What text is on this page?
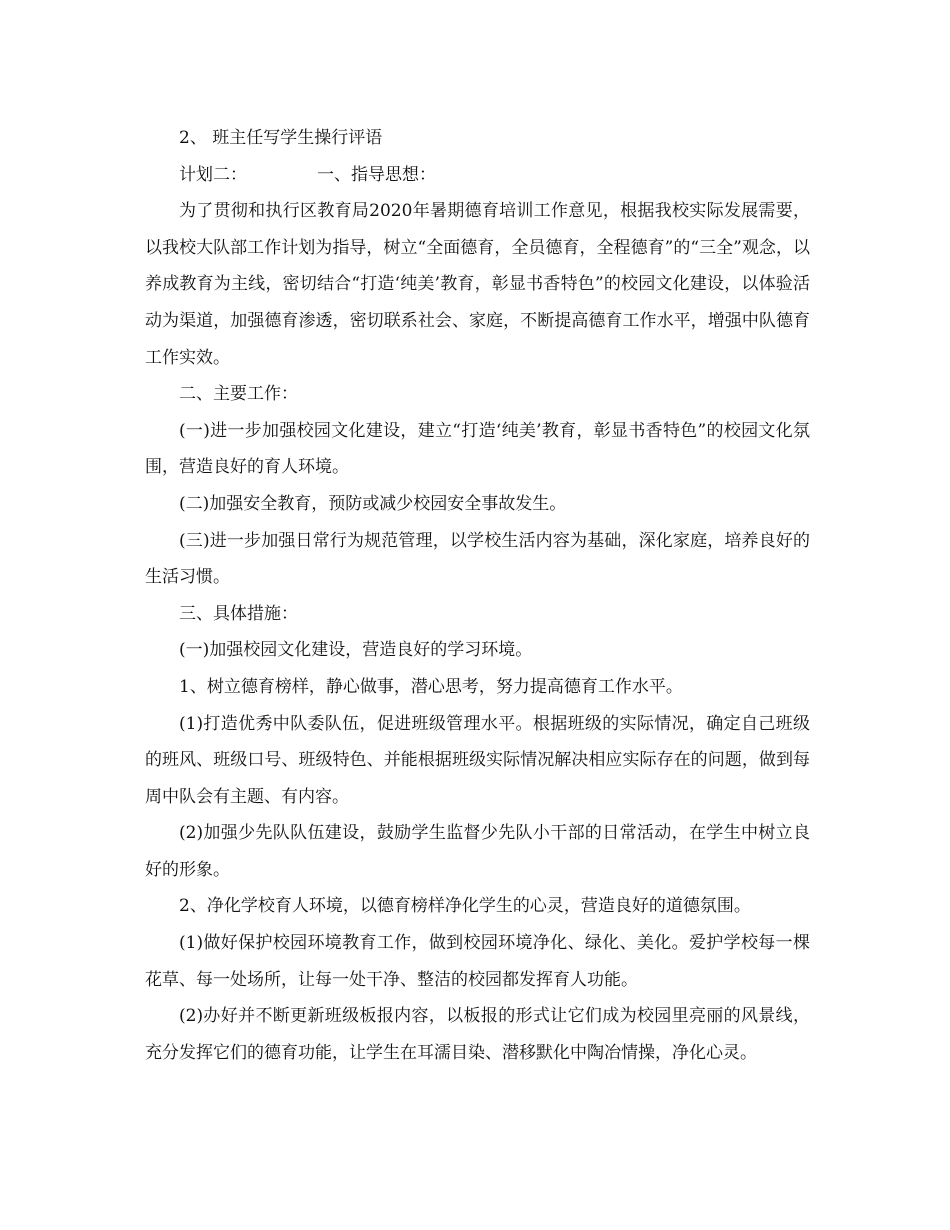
2、 班主任写学生操行评语

计划二：	一、指导思想：

为了贯彻和执行区教育局2020年暑期德育培训工作意见，根据我校实际发展需要，以我校大队部工作计划为指导，树立“全面德育，全员德育，全程德育”的“三全”观念，以养成教育为主线，密切结合“打造‘纯美’教育，彰显书香特色”的校园文化建设，以体验活动为渠道，加强德育渗透，密切联系社会、家庭，不断提高德育工作水平，增强中队德育工作实效。

二、主要工作：

(一)进一步加强校园文化建设，建立“打造‘纯美’教育，彰显书香特色”的校园文化氛围，营造良好的育人环境。

(二)加强安全教育，预防或减少校园安全事故发生。

(三)进一步加强日常行为规范管理，以学校生活内容为基础，深化家庭，培养良好的生活习惯。

三、具体措施：

(一)加强校园文化建设，营造良好的学习环境。

1、树立德育榜样，静心做事，潜心思考，努力提高德育工作水平。

(1)打造优秀中队委队伍，促进班级管理水平。根据班级的实际情况，确定自己班级的班风、班级口号、班级特色、并能根据班级实际情况解决相应实际存在的问题，做到每周中队会有主题、有内容。

(2)加强少先队队伍建设，鼓励学生监督少先队小干部的日常活动，在学生中树立良好的形象。

2、净化学校育人环境，以德育榜样净化学生的心灵，营造良好的道德氛围。

(1)做好保护校园环境教育工作，做到校园环境净化、绿化、美化。爱护学校每一棵花草、每一处场所，让每一处干净、整洁的校园都发挥育人功能。

(2)办好并不断更新班级板报内容，以板报的形式让它们成为校园里亮丽的风景线，充分发挥它们的德育功能，让学生在耳濡目染、潜移默化中陶冶情操，净化心灵。
